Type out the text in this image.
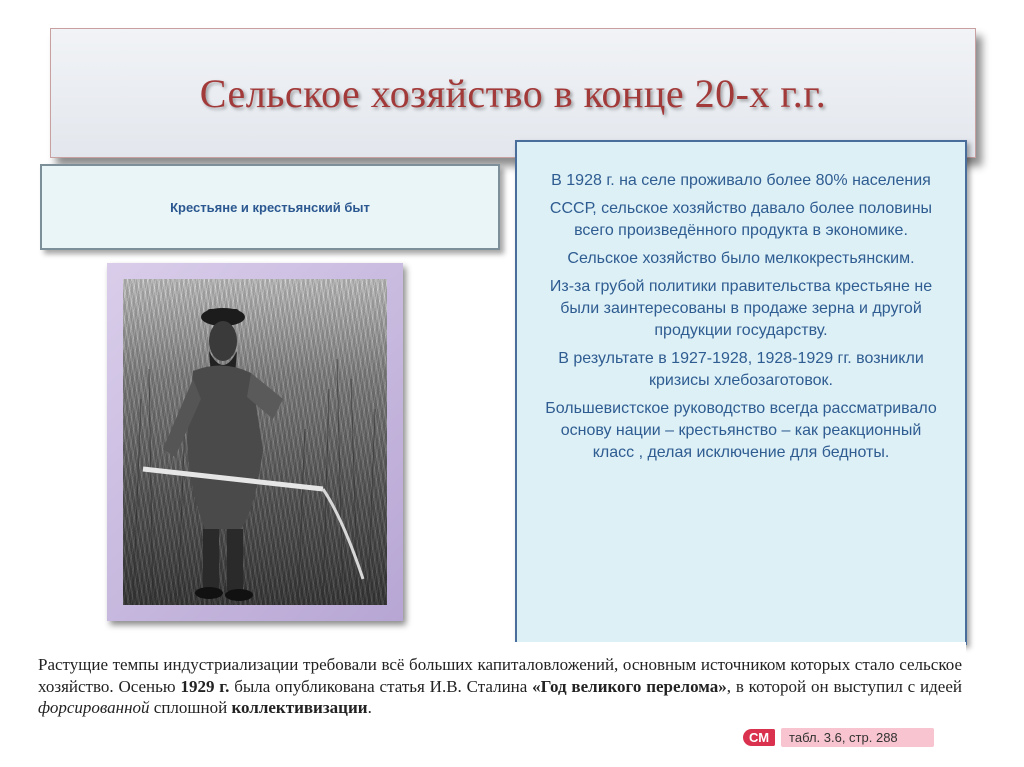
Сельское хозяйство в конце 20-х г.г.
Крестьяне и крестьянский быт

В 1928 г. на селе проживало более 80% населения

СССР, сельское хозяйство давало более половины всего произведённого продукта в экономике.

Сельское хозяйство было мелкокрестьянским.

Из-за грубой политики правительства крестьяне не были заинтересованы в продаже зерна и другой продукции государству.

В результате в 1927-1928, 1928-1929 гг. возникли кризисы хлебозаготовок.

Большевистское руководство всегда рассматривало основу нации – крестьянство – как реакционный класс , делая исключение для бедноты.

Растущие темпы индустриализации требовали всё больших капиталовложений, основным источником которых стало сельское хозяйство. Осенью 1929 г. была опубликована статья И.В. Сталина «Год великого перелома», в которой он выступил с идеей форсированной сплошной коллективизации.
СМ	табл. 3.6, стр. 288
